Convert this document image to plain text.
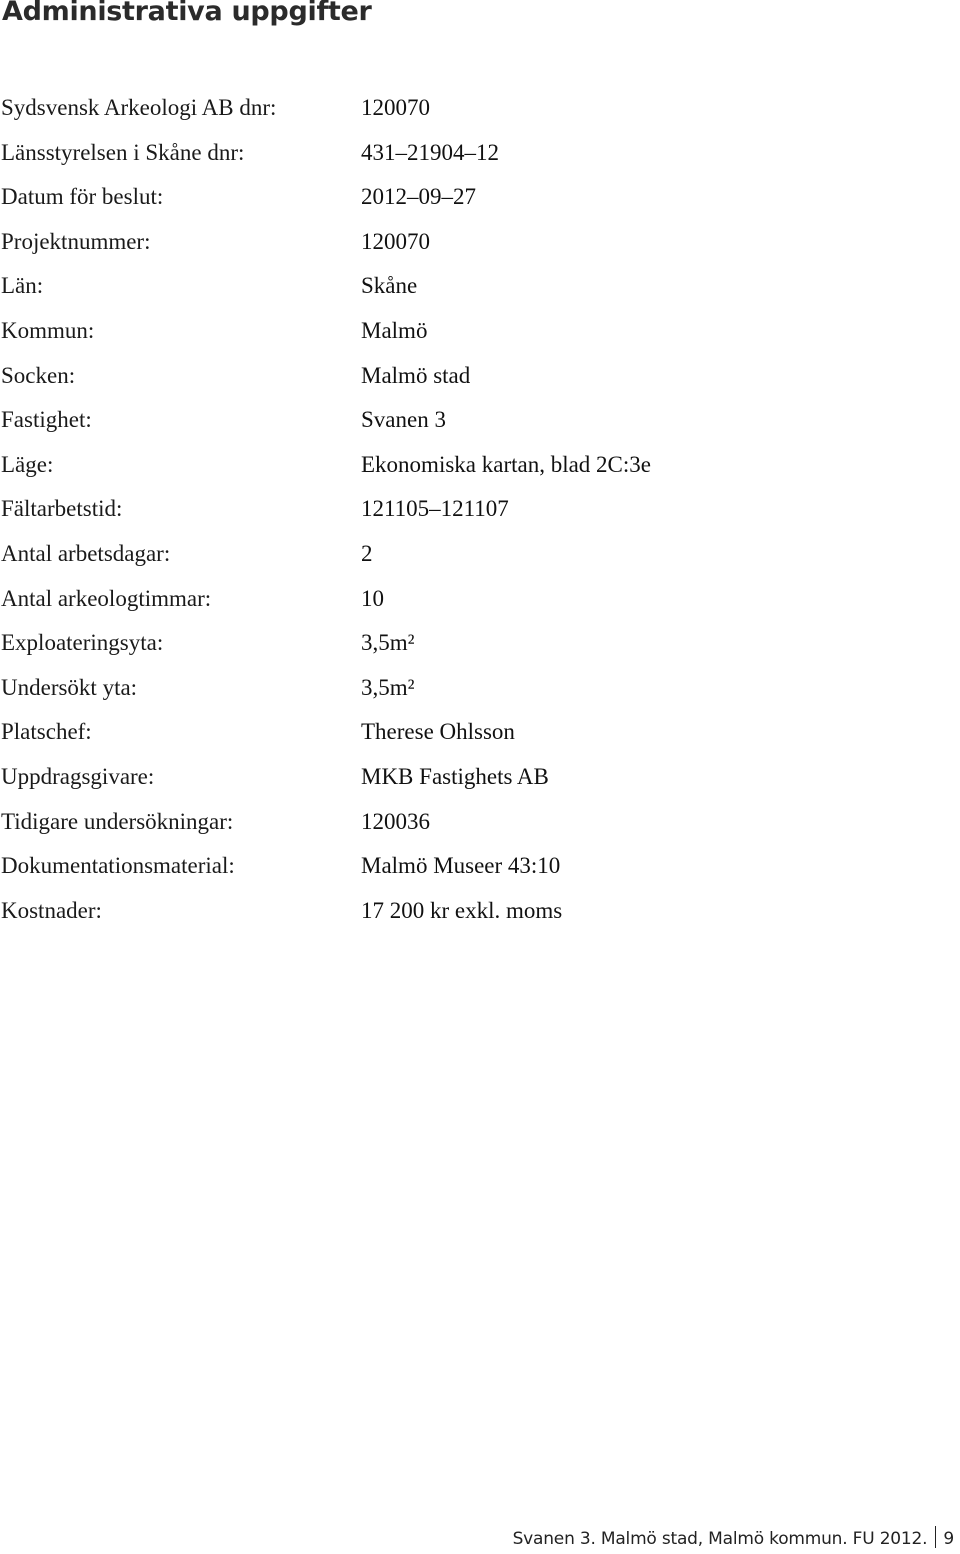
Administrativa uppgifter
Sydsvensk Arkeologi AB dnr:	120070
Länsstyrelsen i Skåne dnr:	431–21904–12
Datum för beslut:	2012–09–27
Projektnummer:	120070
Län:	Skåne
Kommun:	Malmö
Socken:	Malmö stad
Fastighet:	Svanen 3
Läge:	Ekonomiska kartan, blad 2C:3e
Fältarbetstid:	121105–121107
Antal arbetsdagar:	2
Antal arkeologtimmar:	10
Exploateringsyta:	3,5m²
Undersökt yta:	3,5m²
Platschef:	Therese Ohlsson
Uppdragsgivare:	MKB Fastighets AB
Tidigare undersökningar:	120036
Dokumentationsmaterial:	Malmö Museer 43:10
Kostnader:	17 200 kr exkl. moms
Svanen 3. Malmö stad, Malmö kommun. FU 2012. 9
